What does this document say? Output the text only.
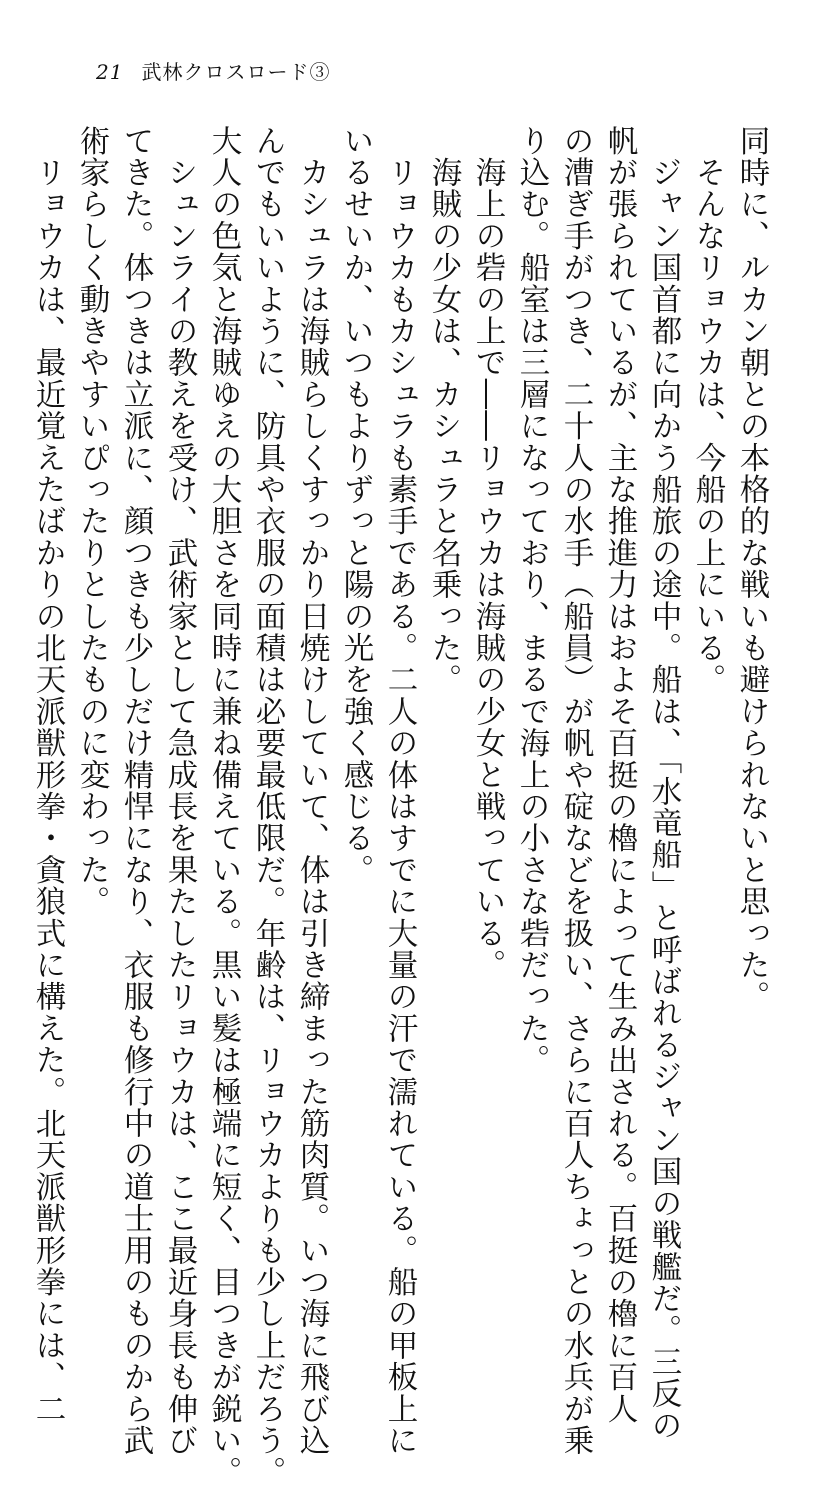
21 武林クロスロード③
同時に、ルカン朝との本格的な戦いも避けられないと思った。
　そんなリョウカは、今船の上にいる。
　ジャン国首都に向かう船旅の途中。船は、「水竜船」と呼ばれるジャン国の戦艦だ。三反の
帆が張られているが、主な推進力はおよそ百挺の櫓によって生み出される。百挺の櫓に百人
の漕ぎ手がつき、二十人の水手（船員）が帆や碇などを扱い、さらに百人ちょっとの水兵が乗
り込む。船室は三層になっており、まるで海上の小さな砦だった。
　海上の砦の上で――リョウカは海賊の少女と戦っている。
　海賊の少女は、カシュラと名乗った。
　リョウカもカシュラも素手である。二人の体はすでに大量の汗で濡れている。船の甲板上に
いるせいか、いつもよりずっと陽の光を強く感じる。
　カシュラは海賊らしくすっかり日焼けしていて、体は引き締まった筋肉質。いつ海に飛び込
んでもいいように、防具や衣服の面積は必要最低限だ。年齢は、リョウカよりも少し上だろう。
大人の色気と海賊ゆえの大胆さを同時に兼ね備えている。黒い髪は極端に短く、目つきが鋭い。
　シュンライの教えを受け、武術家として急成長を果たしたリョウカは、ここ最近身長も伸び
てきた。体つきは立派に、顔つきも少しだけ精悍になり、衣服も修行中の道士用のものから武
術家らしく動きやすいぴったりとしたものに変わった。
　リョウカは、最近覚えたばかりの北天派獣形拳・貪狼式に構えた。北天派獣形拳には、二
